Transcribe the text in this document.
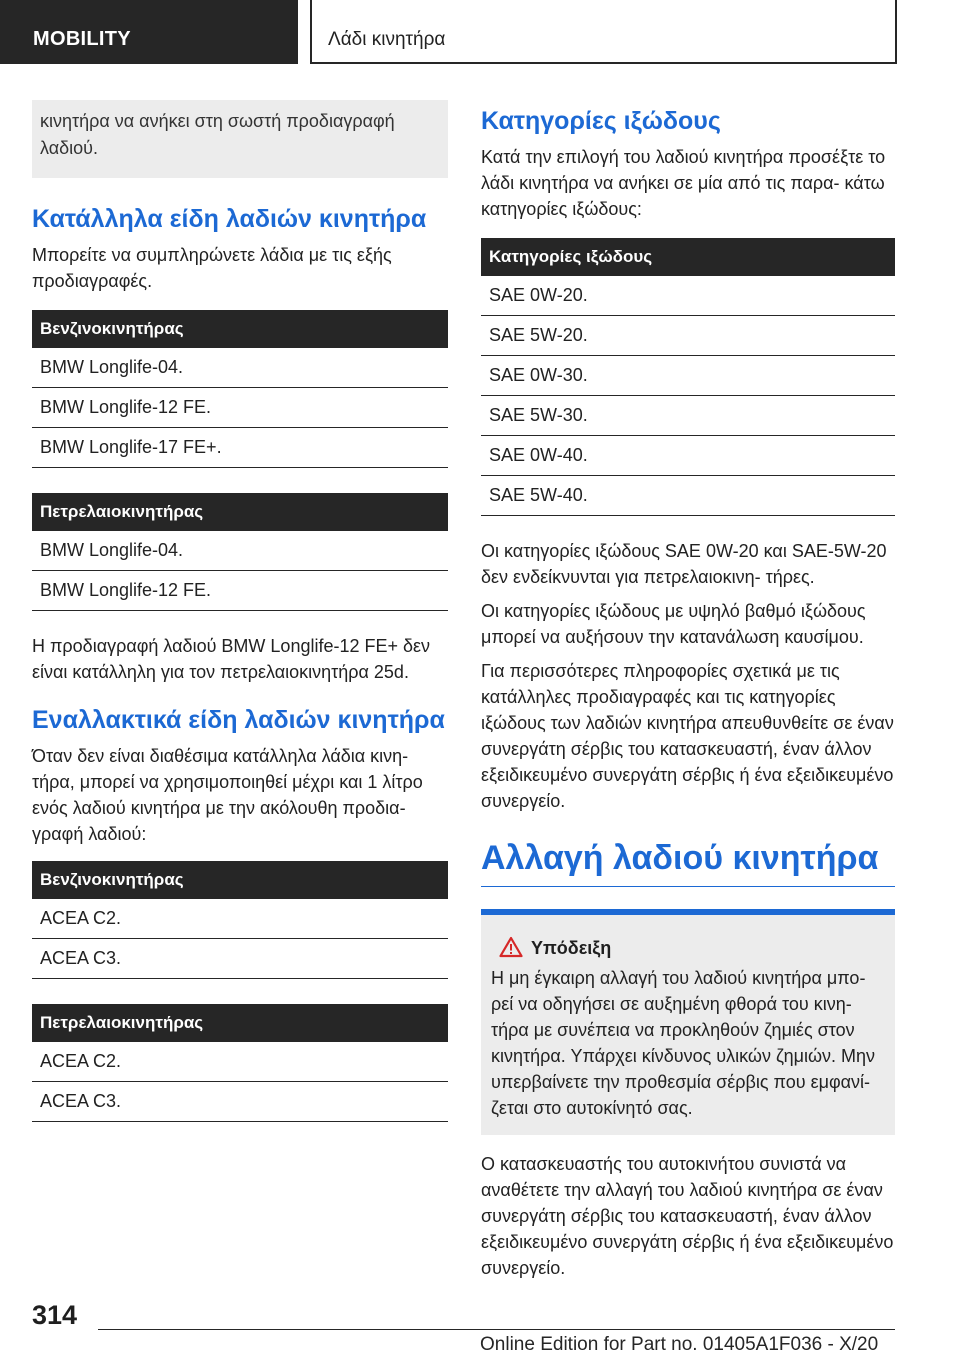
MOBILITY	Λάδι κινητήρα
κινητήρα να ανήκει στη σωστή προδιαγραφή λαδιού.
Κατάλληλα είδη λαδιών κινητήρα

Μπορείτε να συμπληρώνετε λάδια με τις εξής προδιαγραφές.

Βενζινοκινητήρας
BMW Longlife-04.
BMW Longlife-12 FE.
BMW Longlife-17 FE+.
Πετρελαιοκινητήρας
BMW Longlife-04.
BMW Longlife-12 FE.

Η προδιαγραφή λαδιού BMW Longlife-12 FE+ δεν είναι κατάλληλη για τον πετρελαιοκινητήρα 25d.

Εναλλακτικά είδη λαδιών κινητήρα

Όταν δεν είναι διαθέσιμα κατάλληλα λάδια κινη- τήρα, μπορεί να χρησιμοποιηθεί μέχρι και 1 λίτρο ενός λαδιού κινητήρα με την ακόλουθη προδια- γραφή λαδιού:

Βενζινοκινητήρας
ACEA C2.
ACEA C3.
Πετρελαιοκινητήρας
ACEA C2.
ACEA C3.
Κατηγορίες ιξώδους

Κατά την επιλογή του λαδιού κινητήρα προσέξτε το λάδι κινητήρα να ανήκει σε μία από τις παρα- κάτω κατηγορίες ιξώδους:

Κατηγορίες ιξώδους
SAE 0W-20.
SAE 5W-20.
SAE 0W-30.
SAE 5W-30.
SAE 0W-40.
SAE 5W-40.

Οι κατηγορίες ιξώδους SAE 0W-20 και SAE-5W-20 δεν ενδείκνυνται για πετρελαιοκινη- τήρες.

Οι κατηγορίες ιξώδους με υψηλό βαθμό ιξώδους μπορεί να αυξήσουν την κατανάλωση καυσίμου.

Για περισσότερες πληροφορίες σχετικά με τις κατάλληλες προδιαγραφές και τις κατηγορίες ιξώδους των λαδιών κινητήρα απευθυνθείτε σε έναν συνεργάτη σέρβις του κατασκευαστή, έναν άλλον εξειδικευμένο συνεργάτη σέρβις ή ένα εξειδικευμένο συνεργείο.

Αλλαγή λαδιού κινητήρα
Υπόδειξη

Η μη έγκαιρη αλλαγή του λαδιού κινητήρα μπο- ρεί να οδηγήσει σε αυξημένη φθορά του κινη- τήρα με συνέπεια να προκληθούν ζημιές στον κινητήρα. Υπάρχει κίνδυνος υλικών ζημιών. Μην υπερβαίνετε την προθεσμία σέρβις που εμφανί- ζεται στο αυτοκίνητό σας.

Ο κατασκευαστής του αυτοκινήτου συνιστά να αναθέτετε την αλλαγή του λαδιού κινητήρα σε έναν συνεργάτη σέρβις του κατασκευαστή, έναν άλλον εξειδικευμένο συνεργάτη σέρβις ή ένα εξειδικευμένο συνεργείο.

314
Online Edition for Part no. 01405A1F036 - X/20
